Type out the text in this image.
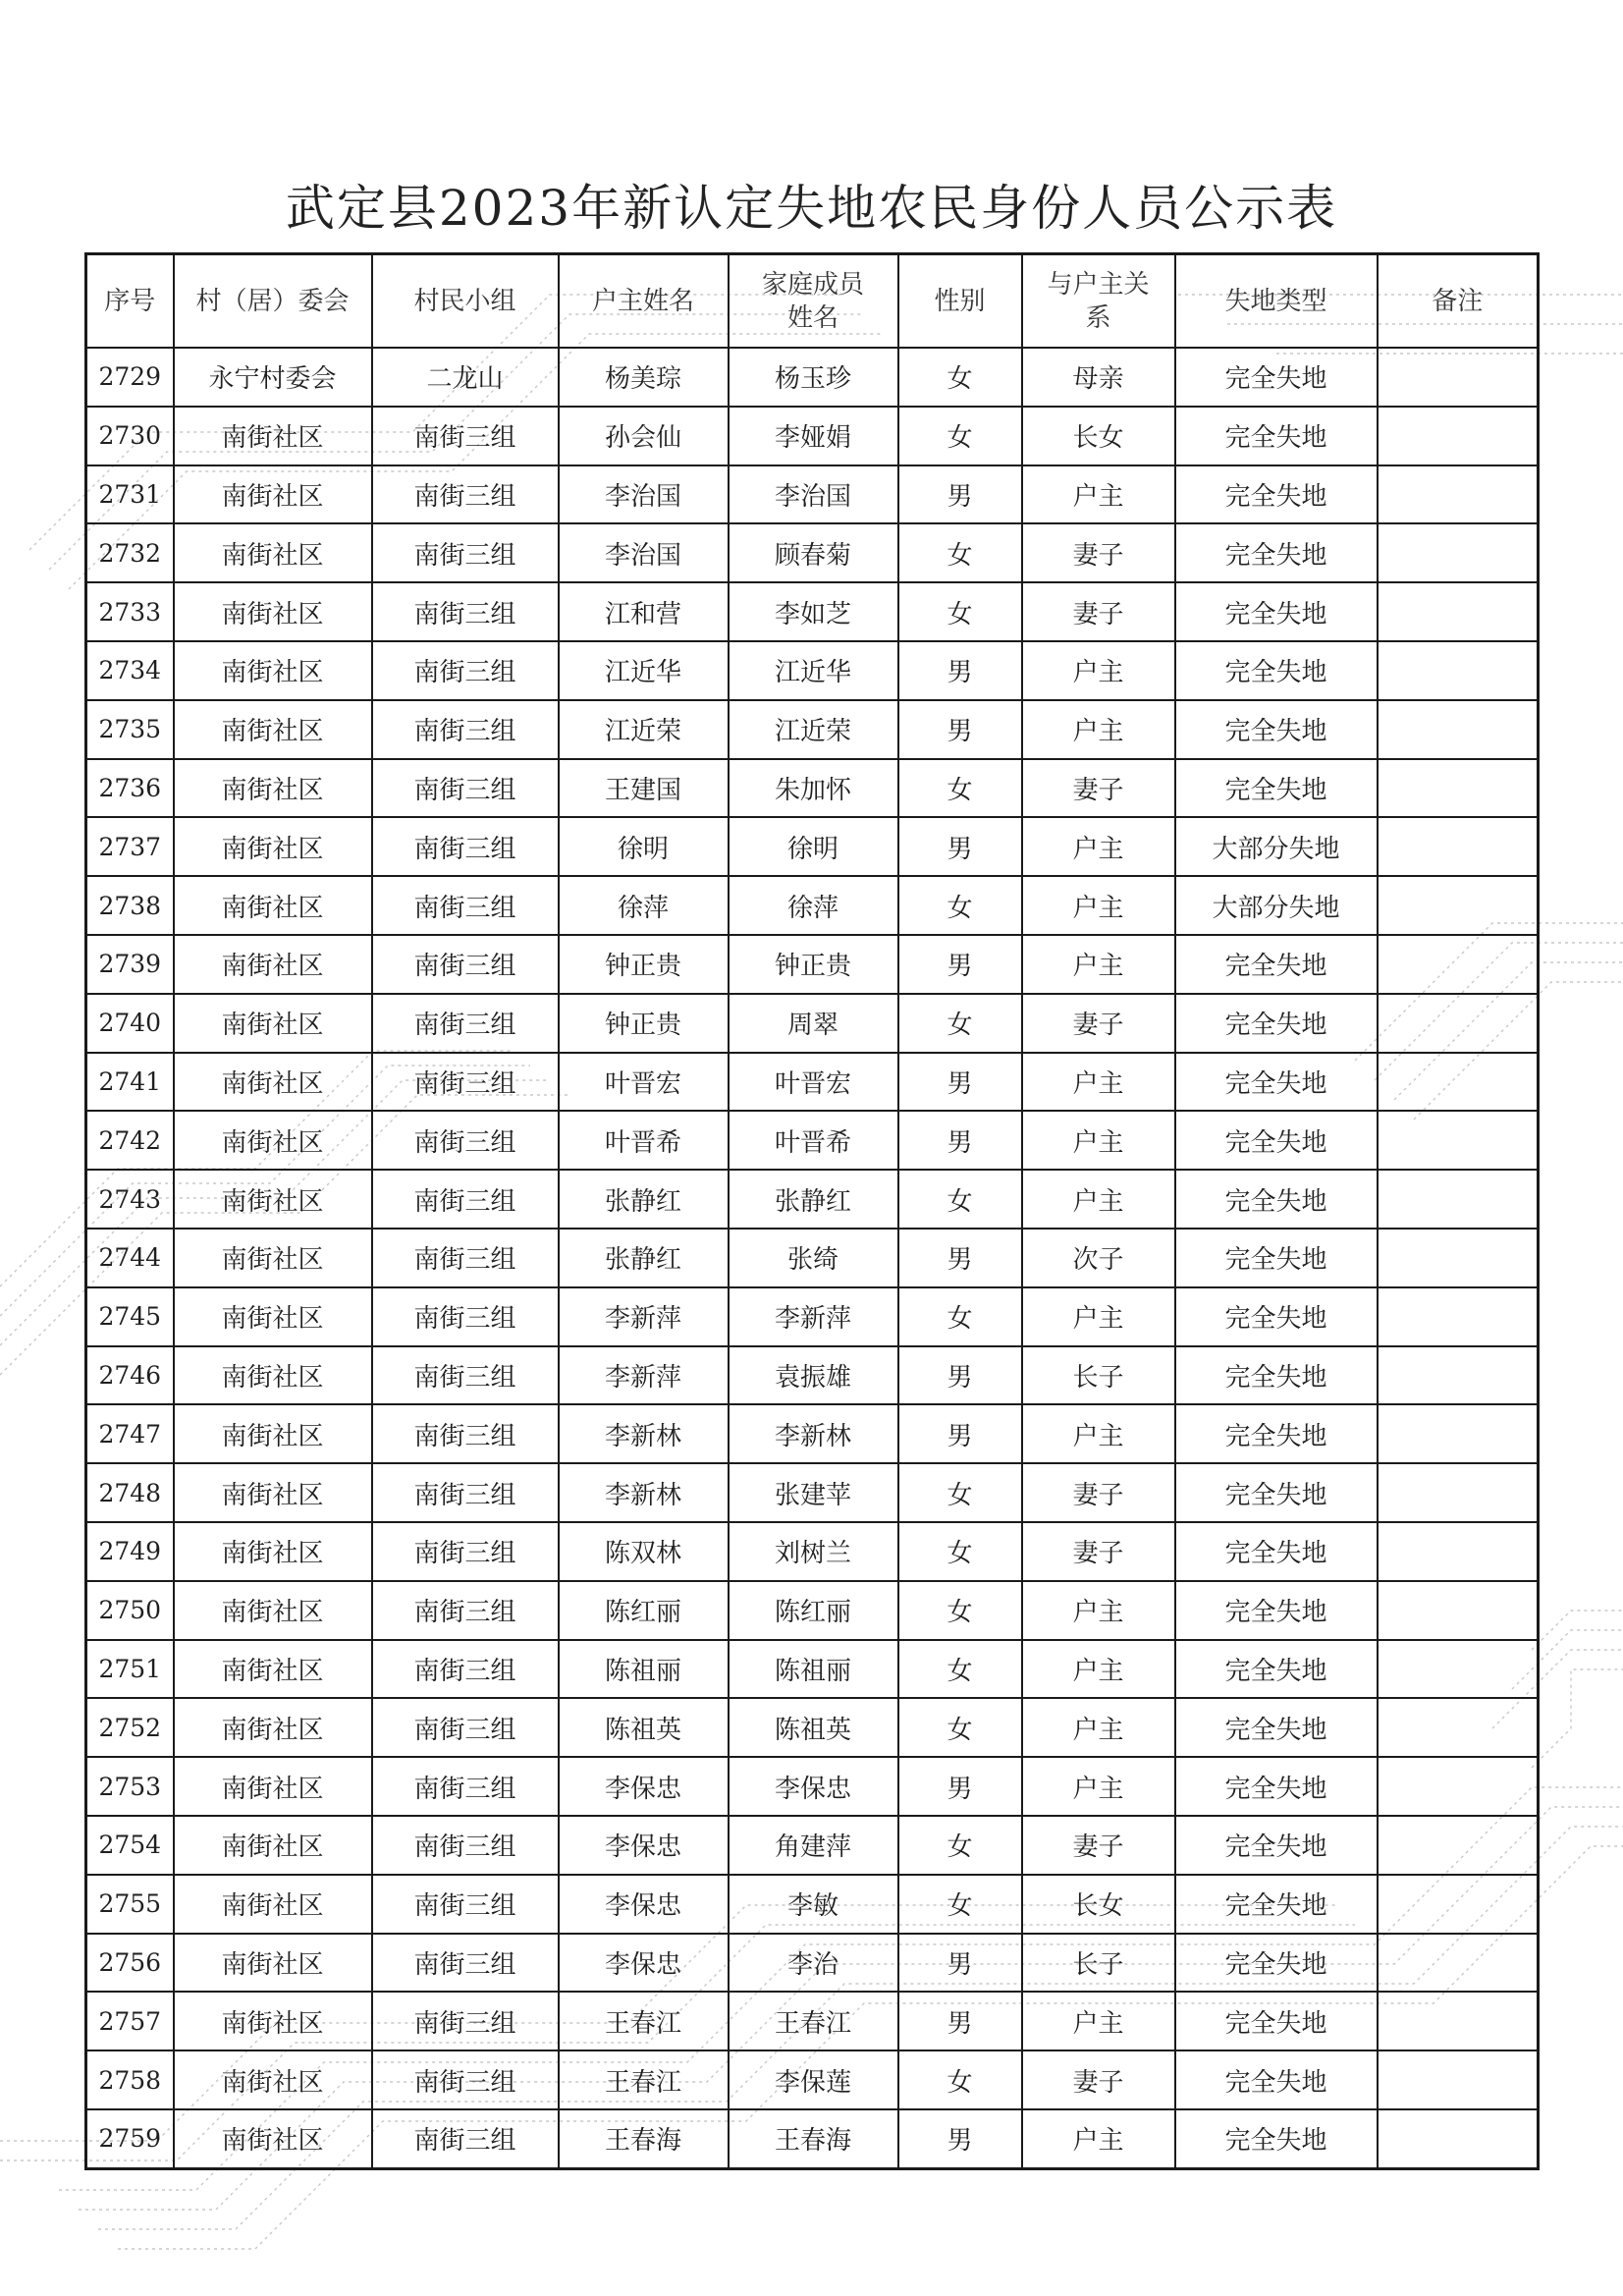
武定县2023年新认定失地农民身份人员公示表
序号	村（居）委会	村民小组	户主姓名	家庭成员姓名	性别	与户主关系	失地类型	备注
2729	永宁村委会	二龙山	杨美琮	杨玉珍	女	母亲	完全失地	
2730	南街社区	南街三组	孙会仙	李娅娟	女	长女	完全失地	
2731	南街社区	南街三组	李治国	李治国	男	户主	完全失地	
2732	南街社区	南街三组	李治国	顾春菊	女	妻子	完全失地	
2733	南街社区	南街三组	江和营	李如芝	女	妻子	完全失地	
2734	南街社区	南街三组	江近华	江近华	男	户主	完全失地	
2735	南街社区	南街三组	江近荣	江近荣	男	户主	完全失地	
2736	南街社区	南街三组	王建国	朱加怀	女	妻子	完全失地	
2737	南街社区	南街三组	徐明	徐明	男	户主	大部分失地	
2738	南街社区	南街三组	徐萍	徐萍	女	户主	大部分失地	
2739	南街社区	南街三组	钟正贵	钟正贵	男	户主	完全失地	
2740	南街社区	南街三组	钟正贵	周翠	女	妻子	完全失地	
2741	南街社区	南街三组	叶晋宏	叶晋宏	男	户主	完全失地	
2742	南街社区	南街三组	叶晋希	叶晋希	男	户主	完全失地	
2743	南街社区	南街三组	张静红	张静红	女	户主	完全失地	
2744	南街社区	南街三组	张静红	张绮	男	次子	完全失地	
2745	南街社区	南街三组	李新萍	李新萍	女	户主	完全失地	
2746	南街社区	南街三组	李新萍	袁振雄	男	长子	完全失地	
2747	南街社区	南街三组	李新林	李新林	男	户主	完全失地	
2748	南街社区	南街三组	李新林	张建苹	女	妻子	完全失地	
2749	南街社区	南街三组	陈双林	刘树兰	女	妻子	完全失地	
2750	南街社区	南街三组	陈红丽	陈红丽	女	户主	完全失地	
2751	南街社区	南街三组	陈祖丽	陈祖丽	女	户主	完全失地	
2752	南街社区	南街三组	陈祖英	陈祖英	女	户主	完全失地	
2753	南街社区	南街三组	李保忠	李保忠	男	户主	完全失地	
2754	南街社区	南街三组	李保忠	角建萍	女	妻子	完全失地	
2755	南街社区	南街三组	李保忠	李敏	女	长女	完全失地	
2756	南街社区	南街三组	李保忠	李治	男	长子	完全失地	
2757	南街社区	南街三组	王春江	王春江	男	户主	完全失地	
2758	南街社区	南街三组	王春江	李保莲	女	妻子	完全失地	
2759	南街社区	南街三组	王春海	王春海	男	户主	完全失地	
